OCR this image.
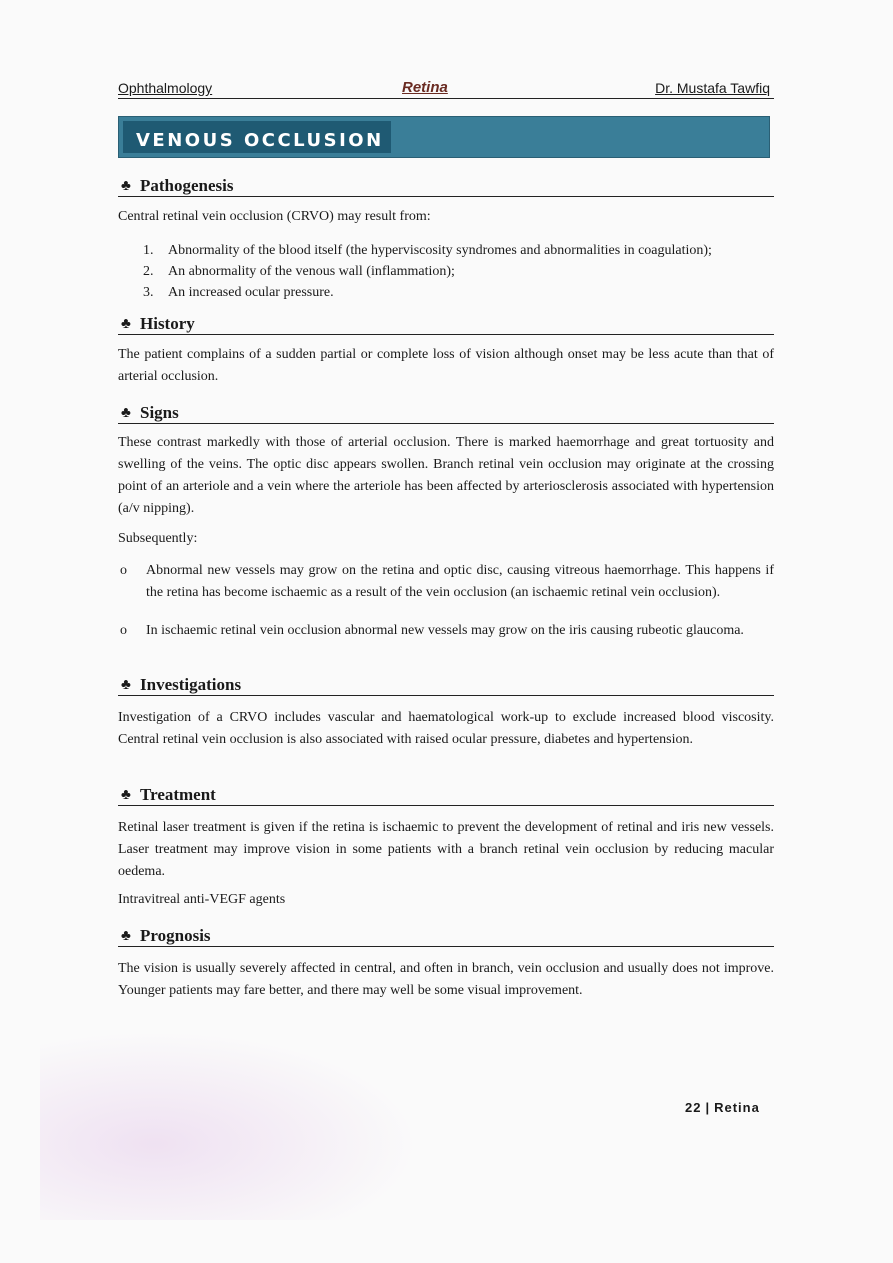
Ophthalmology	Retina	Dr. Mustafa Tawfiq
VENOUS OCCLUSION
♣ Pathogenesis
Central retinal vein occlusion (CRVO) may result from:
1. Abnormality of the blood itself (the hyperviscosity syndromes and abnormalities in coagulation);
2. An abnormality of the venous wall (inflammation);
3. An increased ocular pressure.
♣ History
The patient complains of a sudden partial or complete loss of vision although onset may be less acute than that of arterial occlusion.
♣ Signs
These contrast markedly with those of arterial occlusion. There is marked haemorrhage and great tortuosity and swelling of the veins. The optic disc appears swollen. Branch retinal vein occlusion may originate at the crossing point of an arteriole and a vein where the arteriole has been affected by arteriosclerosis associated with hypertension (a/v nipping).
Subsequently:
o Abnormal new vessels may grow on the retina and optic disc, causing vitreous haemorrhage. This happens if the retina has become ischaemic as a result of the vein occlusion (an ischaemic retinal vein occlusion).
o In ischaemic retinal vein occlusion abnormal new vessels may grow on the iris causing rubeotic glaucoma.
♣ Investigations
Investigation of a CRVO includes vascular and haematological work-up to exclude increased blood viscosity. Central retinal vein occlusion is also associated with raised ocular pressure, diabetes and hypertension.
♣ Treatment
Retinal laser treatment is given if the retina is ischaemic to prevent the development of retinal and iris new vessels. Laser treatment may improve vision in some patients with a branch retinal vein occlusion by reducing macular oedema.
Intravitreal anti-VEGF agents
♣ Prognosis
The vision is usually severely affected in central, and often in branch, vein occlusion and usually does not improve. Younger patients may fare better, and there may well be some visual improvement.
22 | Retina
